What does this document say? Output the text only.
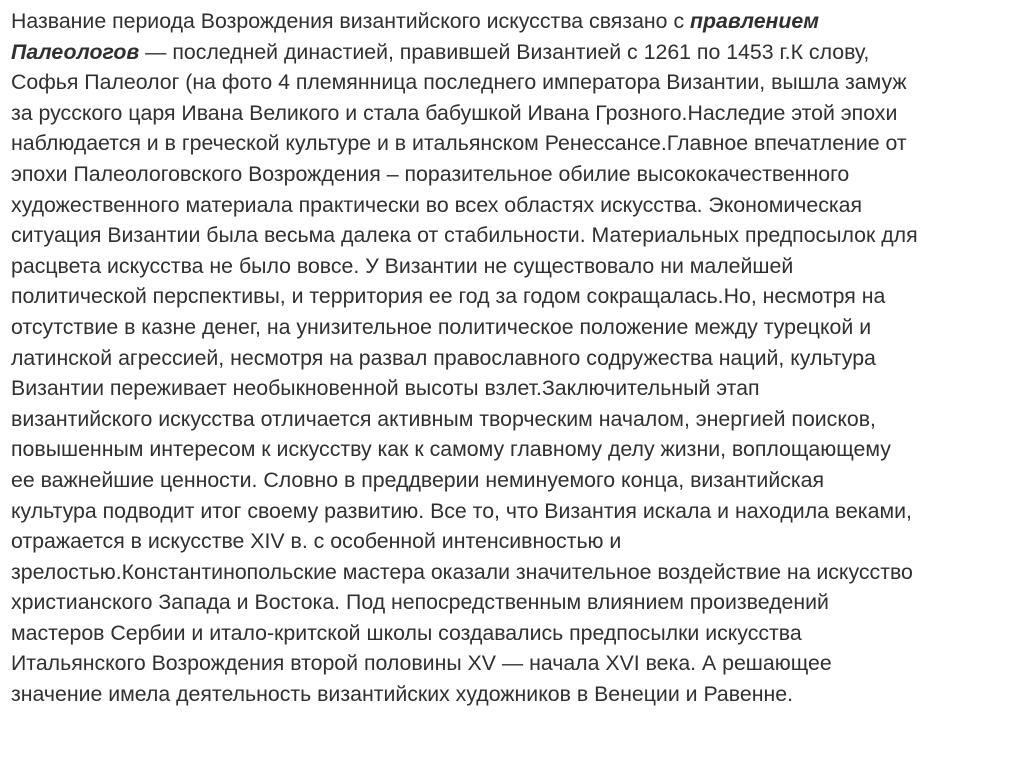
Название периода Возрождения византийского искусства связано с правлением
Палеологов — последней династией, правившей Византией с 1261 по 1453 г.К слову,
Софья Палеолог (на фото 4 племянница последнего императора Византии, вышла замуж
за русского царя Ивана Великого и стала бабушкой Ивана Грозного.Наследие этой эпохи
наблюдается и в греческой культуре и в итальянском Ренессансе.Главное впечатление от
эпохи Палеологовского Возрождения – поразительное обилие высококачественного
художественного материала практически во всех областях искусства. Экономическая
ситуация Византии была весьма далека от стабильности. Материальных предпосылок для
расцвета искусства не было вовсе. У Византии не существовало ни малейшей
политической перспективы, и территория ее год за годом сокращалась.Но, несмотря на
отсутствие в казне денег, на унизительное политическое положение между турецкой и
латинской агрессией, несмотря на развал православного содружества наций, культура
Византии переживает необыкновенной высоты взлет.Заключительный этап
византийского искусства отличается активным творческим началом, энергией поисков,
повышенным интересом к искусству как к самому главному делу жизни, воплощающему
ее важнейшие ценности. Словно в преддверии неминуемого конца, византийская
культура подводит итог своему развитию. Все то, что Византия искала и находила веками,
отражается в искусстве XIV в. с особенной интенсивностью и
зрелостью.Константинопольские мастера оказали значительное воздействие на искусство
христианского Запада и Востока. Под непосредственным влиянием произведений
мастеров Сербии и итало-критской школы создавались предпосылки искусства
Итальянского Возрождения второй половины XV — начала XVI века. А решающее
значение имела деятельность византийских художников в Венеции и Равенне.
